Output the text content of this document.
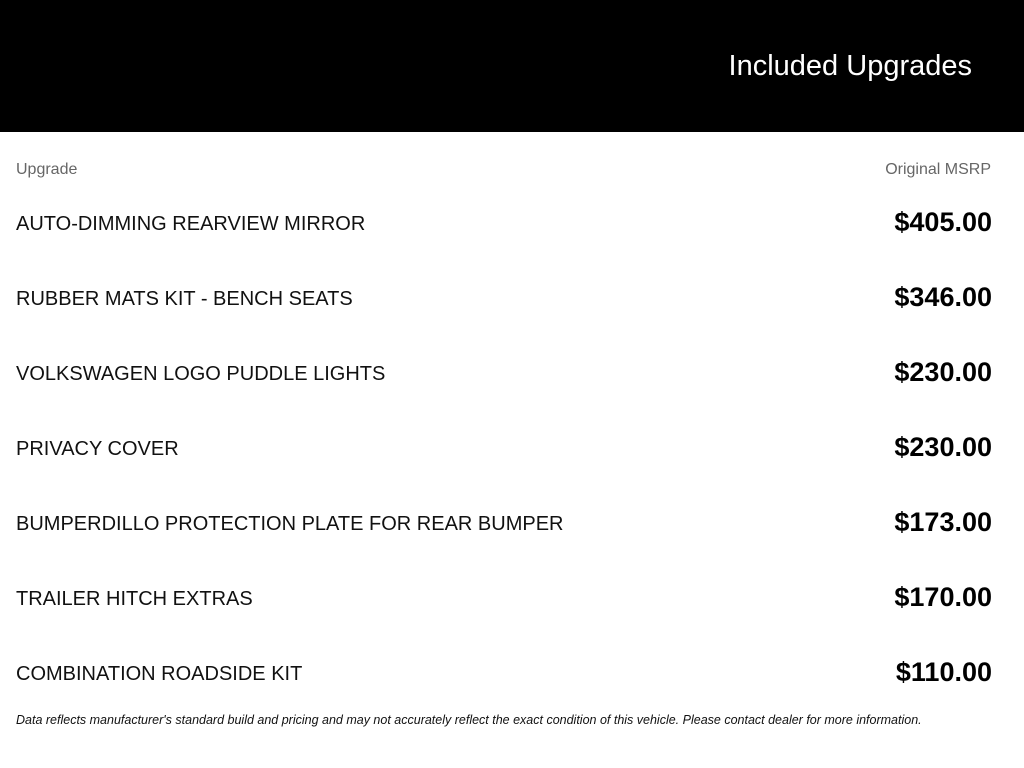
Included Upgrades
Upgrade	Original MSRP
AUTO-DIMMING REARVIEW MIRROR	$405.00
RUBBER MATS KIT - BENCH SEATS	$346.00
VOLKSWAGEN LOGO PUDDLE LIGHTS	$230.00
PRIVACY COVER	$230.00
BUMPERDILLO PROTECTION PLATE FOR REAR BUMPER	$173.00
TRAILER HITCH EXTRAS	$170.00
COMBINATION ROADSIDE KIT	$110.00
Data reflects manufacturer's standard build and pricing and may not accurately reflect the exact condition of this vehicle. Please contact dealer for more information.
